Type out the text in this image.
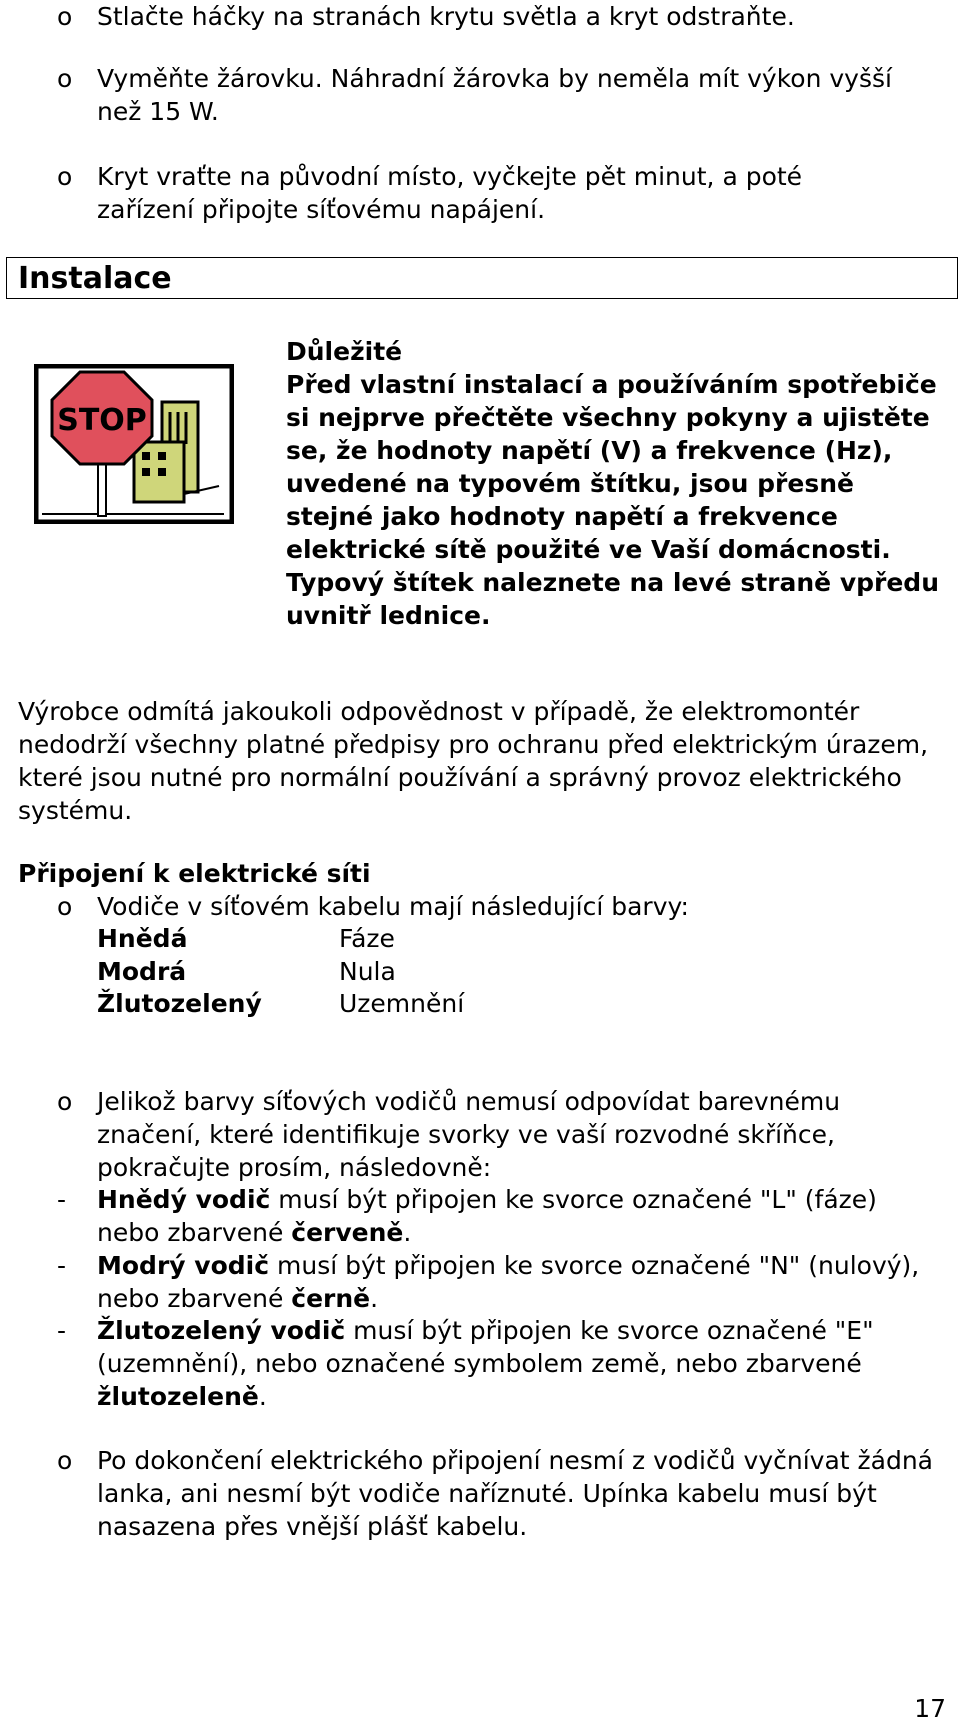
o Stlačte háčky na stranách krytu světla a kryt odstraňte.
o Vyměňte žárovku. Náhradní žárovka by neměla mít výkon vyšší než 15 W.
o Kryt vraťte na původní místo, vyčkejte pět minut, a poté zařízení připojte síťovému napájení.
Instalace
STOP
Důležité
Před vlastní instalací a používáním spotřebiče si nejprve přečtěte všechny pokyny a ujistěte se, že hodnoty napětí (V) a frekvence (Hz), uvedené na typovém štítku, jsou přesně stejné jako hodnoty napětí a frekvence elektrické sítě použité ve Vaší domácnosti. Typový štítek naleznete na levé straně vpředu uvnitř lednice.
Výrobce odmítá jakoukoli odpovědnost v případě, že elektromontér nedodrží všechny platné předpisy pro ochranu před elektrickým úrazem, které jsou nutné pro normální používání a správný provoz elektrického systému.
Připojení k elektrické síti
o Vodiče v síťovém kabelu mají následující barvy:
Hnědá	Fáze
Modrá	Nula
Žlutozelený	Uzemnění
o Jelikož barvy síťových vodičů nemusí odpovídat barevnému značení, které identifikuje svorky ve vaší rozvodné skříňce, pokračujte prosím, následovně:
- Hnědý vodič musí být připojen ke svorce označené "L" (fáze) nebo zbarvené červeně.
- Modrý vodič musí být připojen ke svorce označené "N" (nulový), nebo zbarvené černě.
- Žlutozelený vodič musí být připojen ke svorce označené "E" (uzemnění), nebo označené symbolem země, nebo zbarvené žlutozeleně.
o Po dokončení elektrického připojení nesmí z vodičů vyčnívat žádná lanka, ani nesmí být vodiče naříznuté. Upínka kabelu musí být nasazena přes vnější plášť kabelu.
17
